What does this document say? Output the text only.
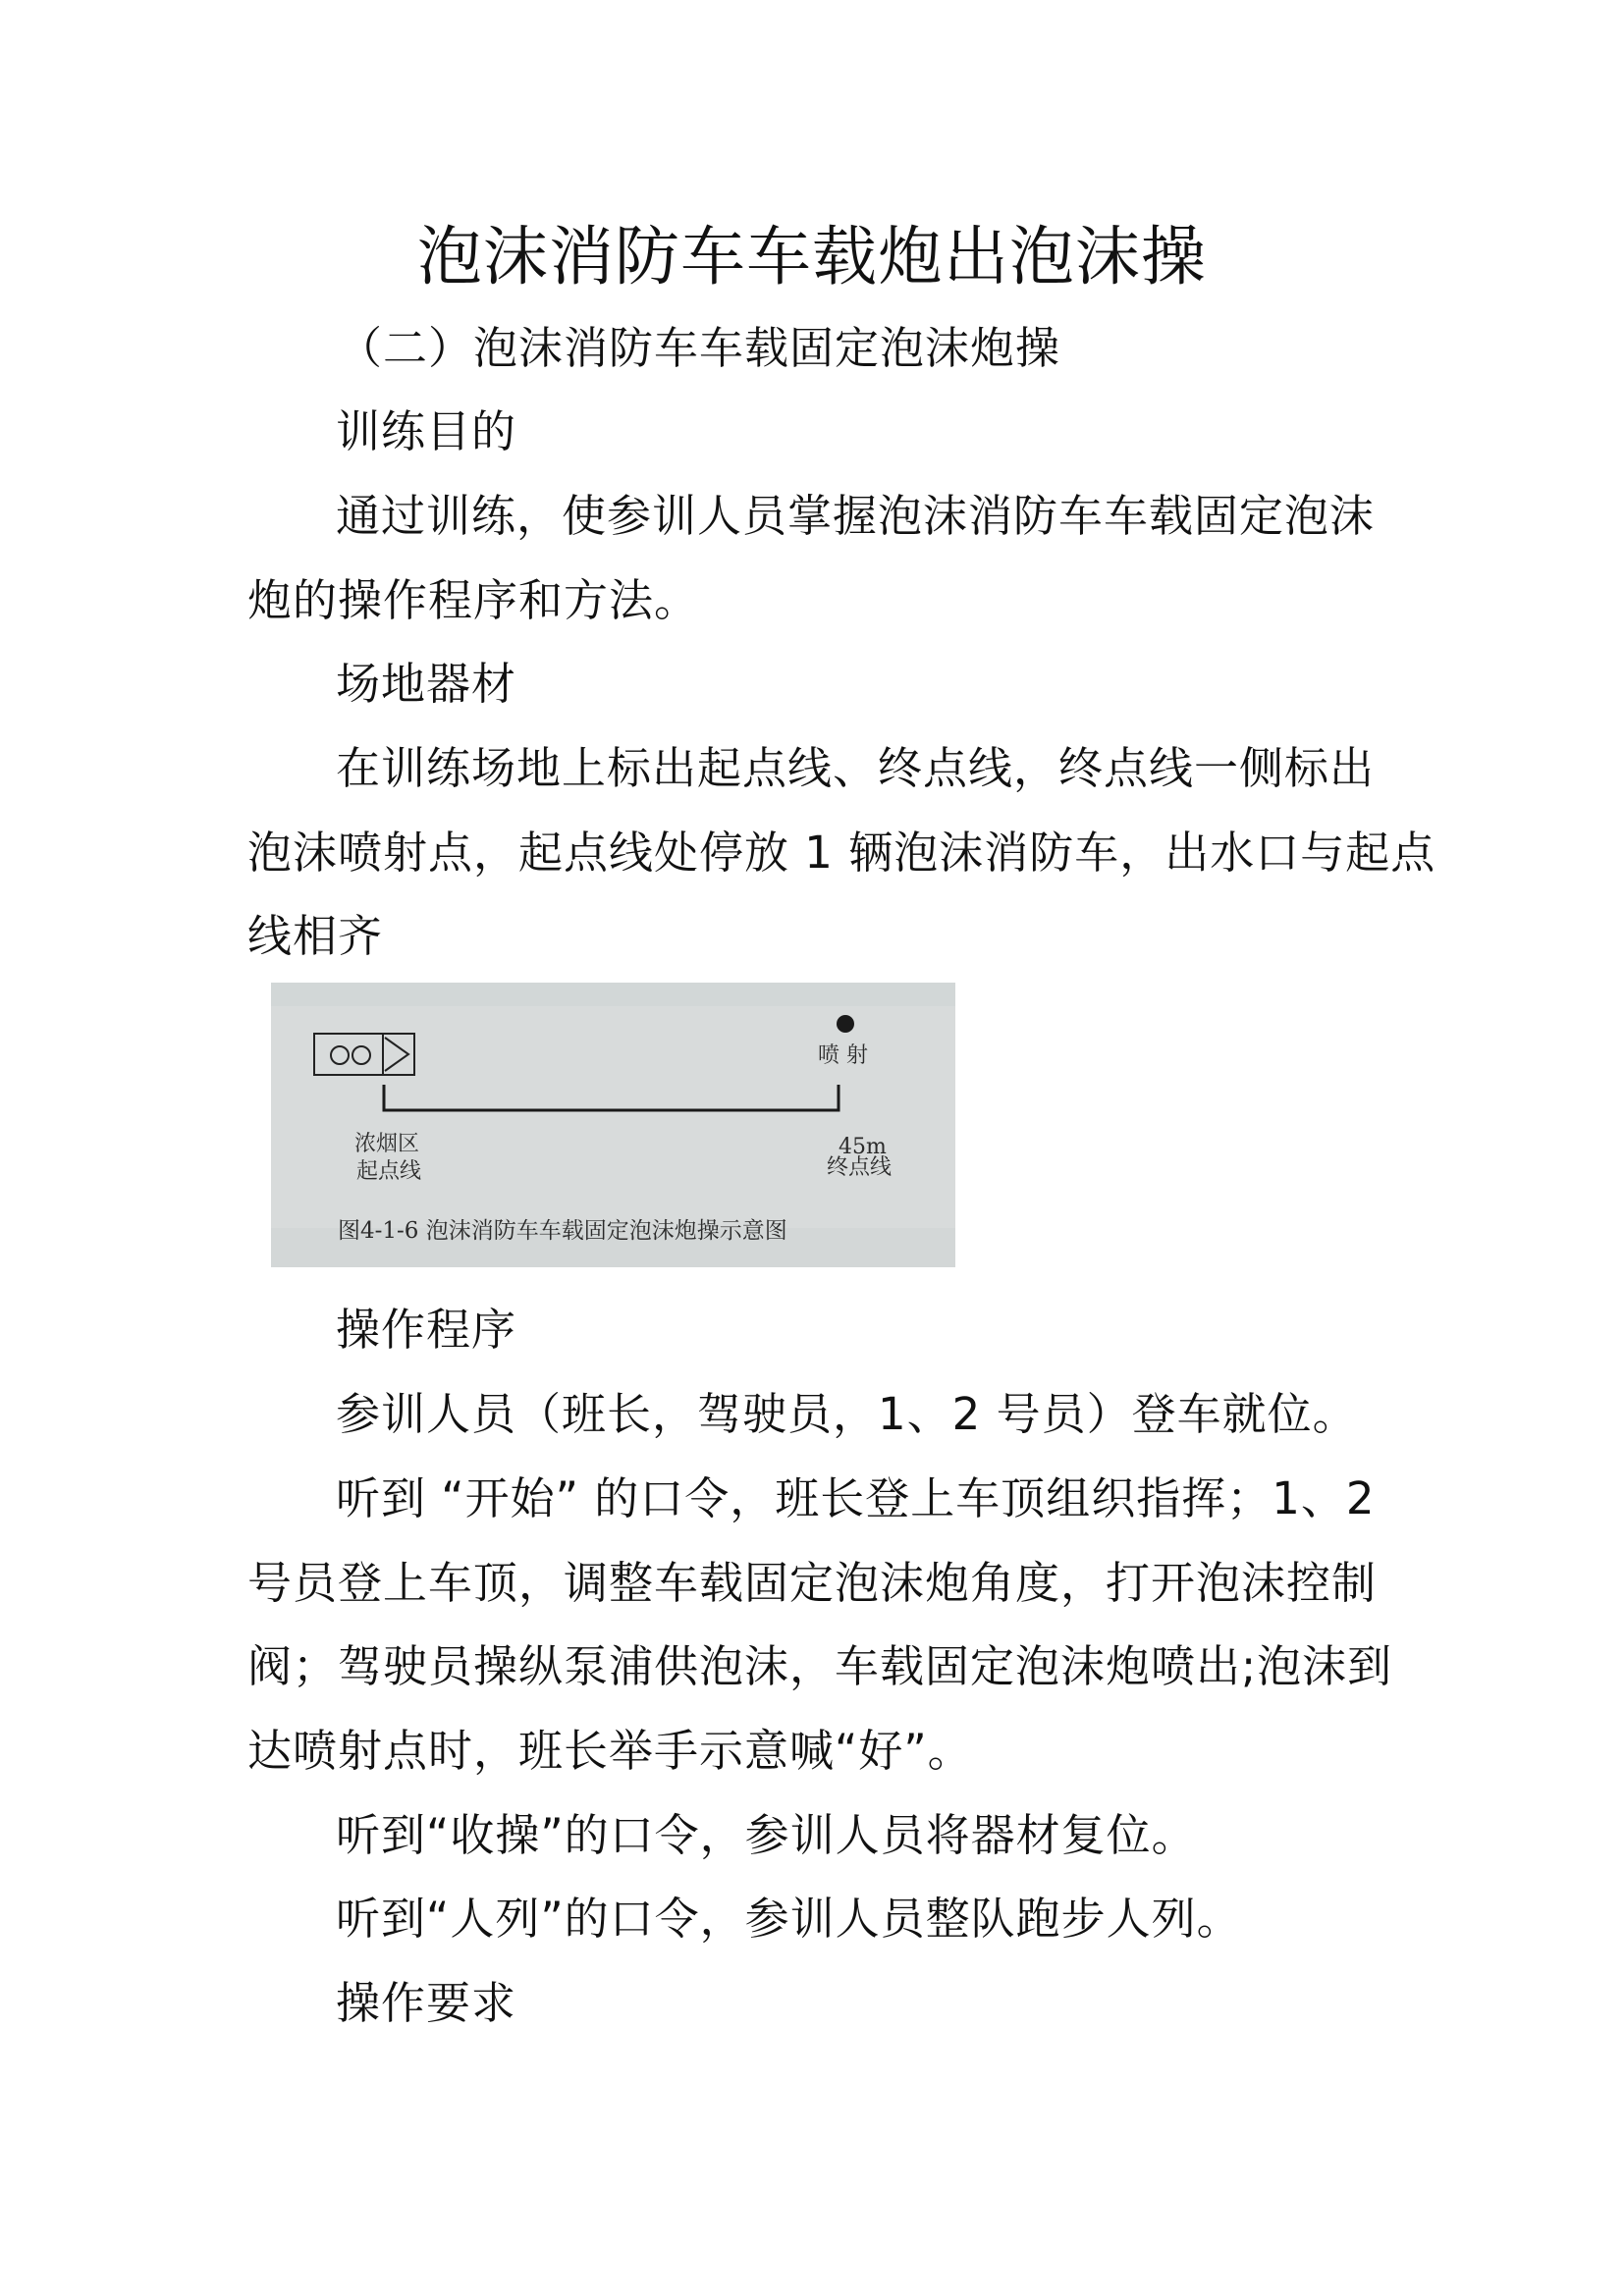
泡沫消防车车载炮出泡沫操
（二）泡沫消防车车载固定泡沫炮操
训练目的
通过训练，使参训人员掌握泡沫消防车车载固定泡沫
炮的操作程序和方法。
场地器材
在训练场地上标出起点线、终点线，终点线一侧标出
泡沫喷射点，起点线处停放 1 辆泡沫消防车，出水口与起点
线相齐
喷 射
浓烟区
起点线
45m
终点线
图4-1-6 泡沫消防车车载固定泡沫炮操示意图
操作程序
参训人员（班长，驾驶员，1、2 号员）登车就位。
听到 “开始” 的口令，班长登上车顶组织指挥；1、2
号员登上车顶，调整车载固定泡沫炮角度，打开泡沫控制
阀；驾驶员操纵泵浦供泡沫，车载固定泡沫炮喷出;泡沫到
达喷射点时，班长举手示意喊“好”。
听到“收操”的口令，参训人员将器材复位。
听到“人列”的口令，参训人员整队跑步人列。
操作要求
